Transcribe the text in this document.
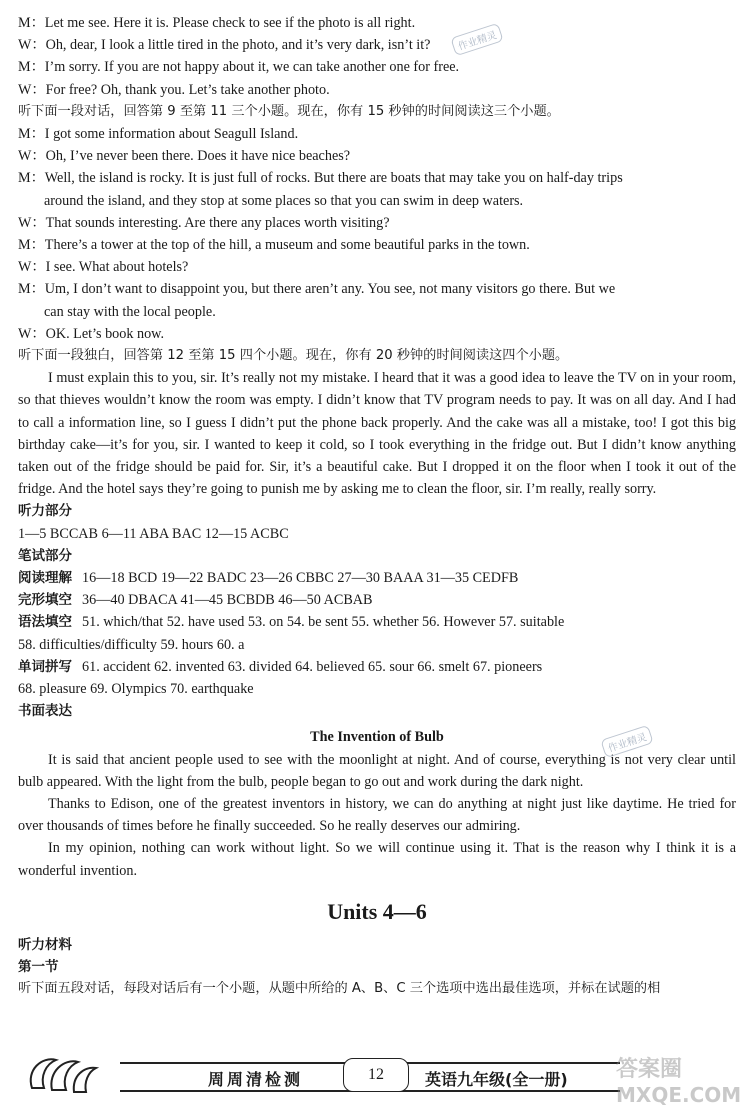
M：Let me see. Here it is. Please check to see if the photo is all right.
W：Oh, dear, I look a little tired in the photo, and it’s very dark, isn’t it?
M：I’m sorry. If you are not happy about it, we can take another one for free.
W：For free? Oh, thank you. Let’s take another photo.
听下面一段对话，回答第 9 至第 11 三个小题。现在，你有 15 秒钟的时间阅读这三个小题。
M：I got some information about Seagull Island.
W：Oh, I’ve never been there. Does it have nice beaches?
M：Well, the island is rocky. It is just full of rocks. But there are boats that may take you on half-day trips
around the island, and they stop at some places so that you can swim in deep waters.
W：That sounds interesting. Are there any places worth visiting?
M：There’s a tower at the top of the hill, a museum and some beautiful parks in the town.
W：I see. What about hotels?
M：Um, I don’t want to disappoint you, but there aren’t any. You see, not many visitors go there. But we
can stay with the local people.
W：OK. Let’s book now.
听下面一段独白，回答第 12 至第 15 四个小题。现在，你有 20 秒钟的时间阅读这四个小题。
I must explain this to you, sir. It’s really not my mistake. I heard that it was a good idea to leave the TV on in your room, so that thieves wouldn’t know the room was empty. I didn’t know that TV program needs to pay. It was on all day. And I had to call a information line, so I guess I didn’t put the phone back properly. And the cake was all a mistake, too! I got this big birthday cake—it’s for you, sir. I wanted to keep it cold, so I took everything in the fridge out. But I didn’t know anything taken out of the fridge should be paid for. Sir, it’s a beautiful cake. But I dropped it on the floor when I took it out of the fridge. And the hotel says they’re going to punish me by asking me to clean the floor, sir. I’m really, really sorry.
听力部分
1—5 BCCAB 6—11 ABA BAC 12—15 ACBC
笔试部分
阅读理解 16—18 BCD 19—22 BADC 23—26 CBBC 27—30 BAAA 31—35 CEDFB
完形填空 36—40 DBACA 41—45 BCBDB 46—50 ACBAB
语法填空 51. which/that 52. have used 53. on 54. be sent 55. whether 56. However 57. suitable
58. difficulties/difficulty 59. hours 60. a
单词拼写 61. accident 62. invented 63. divided 64. believed 65. sour 66. smelt 67. pioneers
68. pleasure 69. Olympics 70. earthquake
书面表达
The Invention of Bulb
It is said that ancient people used to see with the moonlight at night. And of course, everything is not very clear until bulb appeared. With the light from the bulb, people began to go out and work during the dark night.
Thanks to Edison, one of the greatest inventors in history, we can do anything at night just like daytime. He tried for over thousands of times before he finally succeeded. So he really deserves our admiring.
In my opinion, nothing can work without light. So we will continue using it. That is the reason why I think it is a wonderful invention.
Units 4—6
听力材料
第一节
听下面五段对话，每段对话后有一个小题，从题中所给的 A、B、C 三个选项中选出最佳选项，并标在试题的相
作业精灵
作业精灵
周周清检测	12	英语九年级(全一册) 答案圈
MXQE.COM
